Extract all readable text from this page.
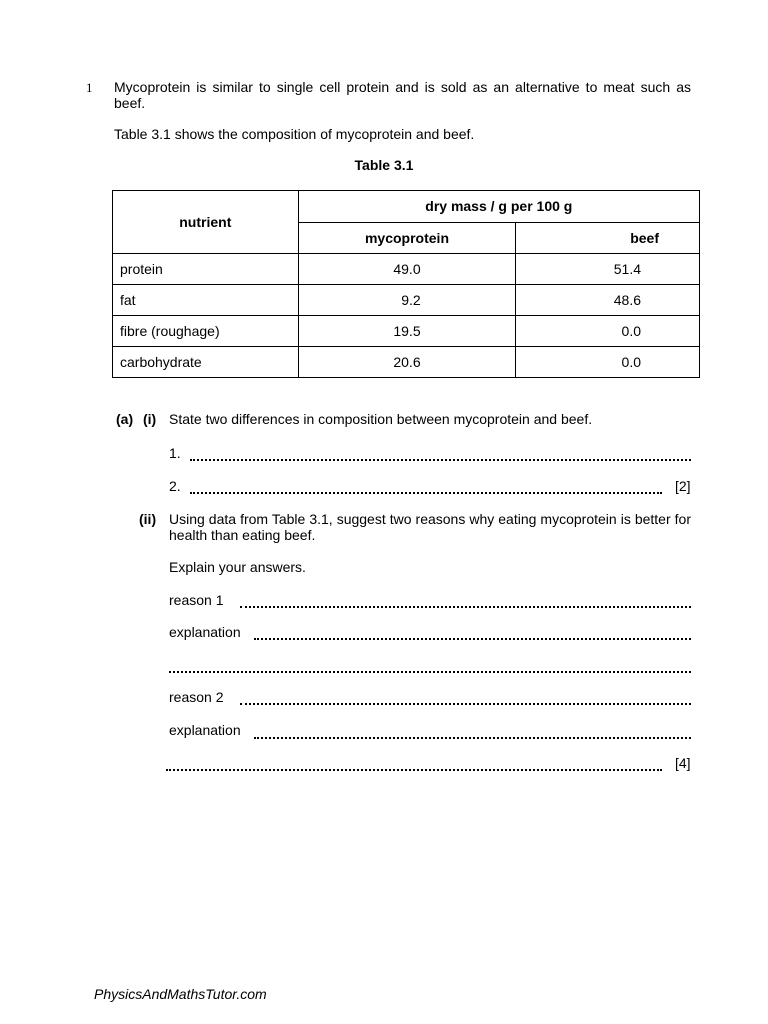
1 Mycoprotein is similar to single cell protein and is sold as an alternative to meat such as beef.
Table 3.1 shows the composition of mycoprotein and beef.
Table 3.1
nutrient	dry mass / g per 100 g	
	mycoprotein	beef
protein	49.0	51.4
fat	9.2	48.6
fibre (roughage)	19.5	0.0
carbohydrate	20.6	0.0
(a) (i) State two differences in composition between mycoprotein and beef.
1.
2.	[2]
(ii) Using data from Table 3.1, suggest two reasons why eating mycoprotein is better for health than eating beef.
Explain your answers.
reason 1
explanation
reason 2
explanation
[4]
PhysicsAndMathsTutor.com
